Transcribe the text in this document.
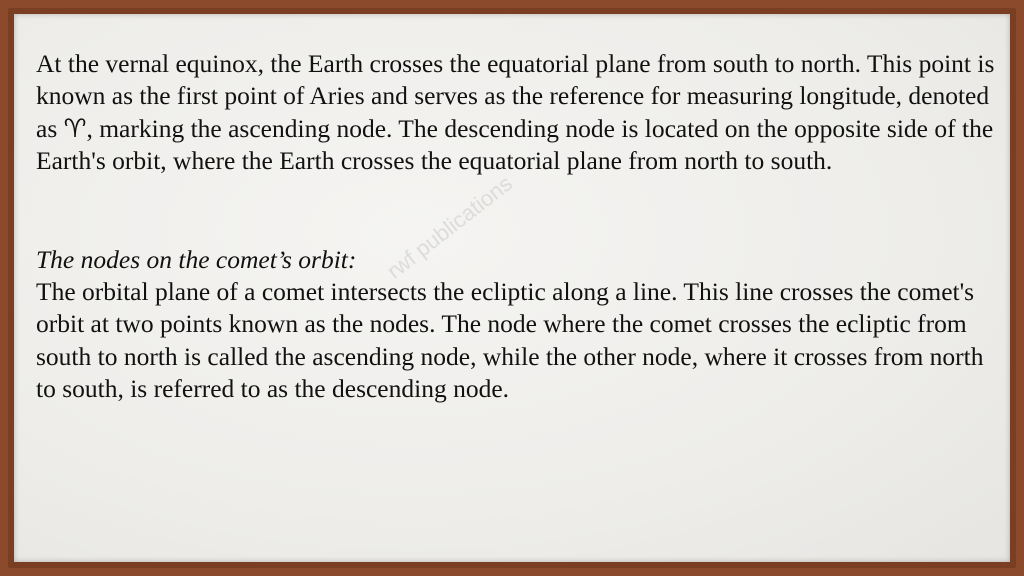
At the vernal equinox, the Earth crosses the equatorial plane from south to north. This point is known as the first point of Aries and serves as the reference for measuring longitude, denoted as ♈︎, marking the ascending node. The descending node is located on the opposite side of the Earth's orbit, where the Earth crosses the equatorial plane from north to south.

The nodes on the comet’s orbit:

The orbital plane of a comet intersects the ecliptic along a line. This line crosses the comet's orbit at two points known as the nodes. The node where the comet crosses the ecliptic from south to north is called the ascending node, while the other node, where it crosses from north to south, is referred to as the descending node.

rwf publications
